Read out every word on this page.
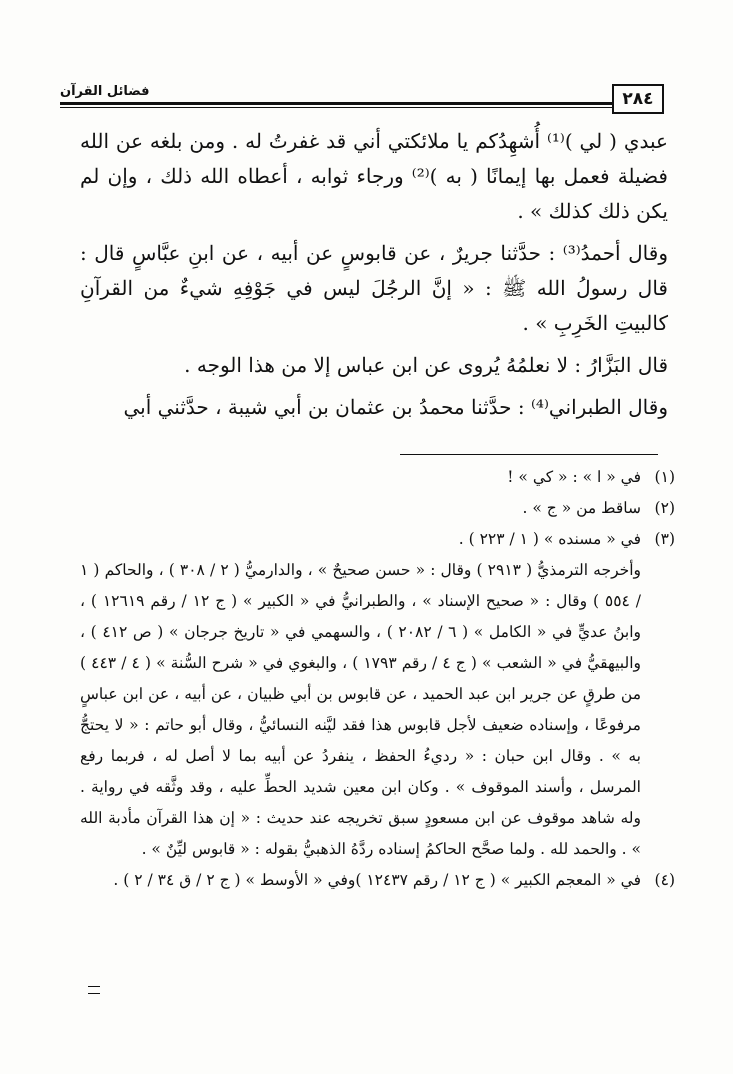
فضائل القرآن	٢٨٤

عبدي ( لي )⁽¹⁾ أُشهِدُكم يا ملائكتي أني قد غفرتُ له . ومن بلغه عن الله فضيلة فعمل بها إيمانًا ( به )⁽²⁾ ورجاء ثوابه ، أعطاه الله ذلك ، وإن لم يكن ذلك كذلك » .

وقال أحمدُ⁽³⁾ : حدَّثنا جريرٌ ، عن قابوسٍ عن أبيه ، عن ابنِ عبَّاسٍ قال : قال رسولُ الله ﷺ : « إنَّ الرجُلَ ليس في جَوْفِهِ شيءٌ من القرآنِ كالبيتِ الخَرِبِ » .

قال البَزَّارُ : لا نعلمُهُ يُروى عن ابن عباس إلا من هذا الوجه .

وقال الطبراني⁽⁴⁾ : حدَّثنا محمدُ بن عثمان بن أبي شيبة ، حدَّثني أبي

(١)

في « ا » : « كي » !

(٢)

ساقط من « ج » .

(٣)

في « مسنده » ( ١ / ٢٢٣ ) .

وأخرجه الترمذيُّ ( ٢٩١٣ ) وقال : « حسن صحيحٌ » ، والدارميُّ ( ٢ / ٣٠٨ ) ، والحاكم ( ١ / ٥٥٤ ) وقال : « صحيح الإسناد » ، والطبرانيُّ في « الكبير » ( ج ١٢ / رقم ١٢٦١٩ ) ، وابنُ عديٍّ في « الكامل » ( ٦ / ٢٠٨٢ ) ، والسهمي في « تاريخ جرجان » ( ص ٤١٢ ) ، والبيهقيُّ في « الشعب » ( ج ٤ / رقم ١٧٩٣ ) ، والبغوي في « شرح السُّنة » ( ٤ / ٤٤٣ ) من طرقٍ عن جرير ابن عبد الحميد ، عن قابوس بن أبي ظبيان ، عن أبيه ، عن ابن عباسٍ مرفوعًا ، وإسناده ضعيف لأجل قابوس هذا فقد ليَّنه النسائيُّ ، وقال أبو حاتم : « لا يحتجُّ به » . وقال ابن حبان : « رديءُ الحفظ ، ينفردُ عن أبيه بما لا أصل له ، فربما رفع المرسل ، وأسند الموقوف » . وكان ابن معين شديد الحطِّ عليه ، وقد وثَّقه في رواية . وله شاهد موقوف عن ابن مسعودٍ سبق تخريجه عند حديث : « إن هذا القرآن مأدبة الله » . والحمد لله . ولما صحَّح الحاكمُ إسناده ردَّهُ الذهبيُّ بقوله : « قابوس ليِّنٌ » .

(٤)

في « المعجم الكبير » ( ج ١٢ / رقم ١٢٤٣٧ )وفي « الأوسط » ( ج ٢ / ق ٣٤ / ٢ ) .
